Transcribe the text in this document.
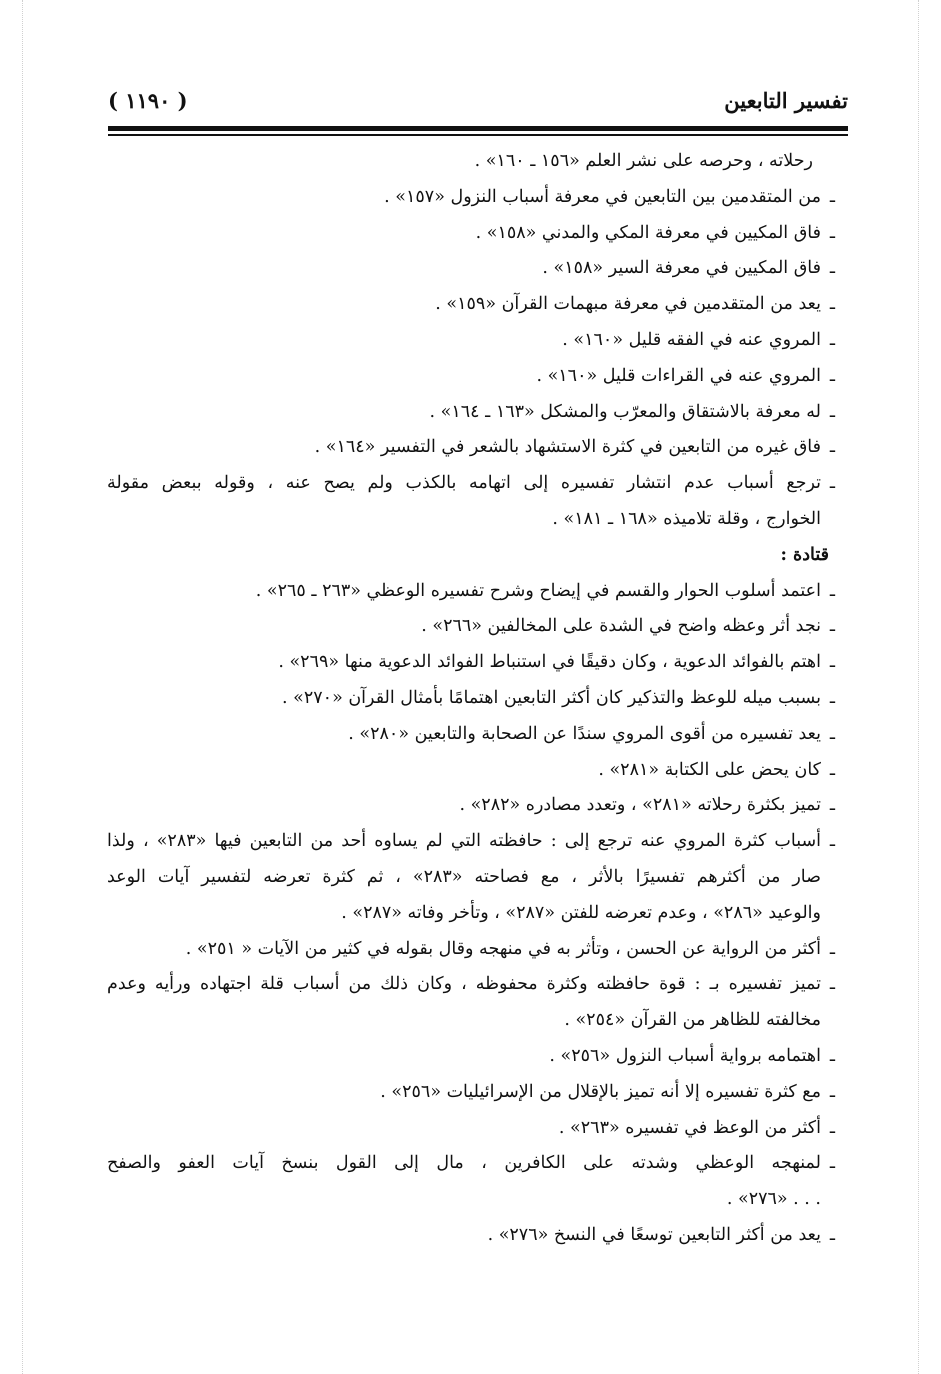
تفسير التابعين
( ١١٩٠ )
رحلاته ، وحرصه على نشر العلم «١٥٦ ـ ١٦٠» .
ـ
من المتقدمين بين التابعين في معرفة أسباب النزول «١٥٧» .
ـ
فاق المكيين في معرفة المكي والمدني «١٥٨» .
ـ
فاق المكيين في معرفة السير «١٥٨» .
ـ
يعد من المتقدمين في معرفة مبهمات القرآن «١٥٩» .
ـ
المروي عنه في الفقه قليل «١٦٠» .
ـ
المروي عنه في القراءات قليل «١٦٠» .
ـ
له معرفة بالاشتقاق والمعرّب والمشكل «١٦٣ ـ ١٦٤» .
ـ
فاق غيره من التابعين في كثرة الاستشهاد بالشعر في التفسير «١٦٤» .
ـ
ترجع أسباب عدم انتشار تفسيره إلى اتهامه بالكذب ولم يصح عنه ، وقوله ببعض مقولة
الخوارج ، وقلة تلاميذه «١٦٨ ـ ١٨١» .
قتادة :
ـ
اعتمد أسلوب الحوار والقسم في إيضاح وشرح تفسيره الوعظي «٢٦٣ ـ ٢٦٥» .
ـ
نجد أثر وعظه واضح في الشدة على المخالفين «٢٦٦» .
ـ
اهتم بالفوائد الدعوية ، وكان دقيقًا في استنباط الفوائد الدعوية منها «٢٦٩» .
ـ
بسبب ميله للوعظ والتذكير كان أكثر التابعين اهتمامًا بأمثال القرآن «٢٧٠» .
ـ
يعد تفسيره من أقوى المروي سندًا عن الصحابة والتابعين «٢٨٠» .
ـ
كان يحض على الكتابة «٢٨١» .
ـ
تميز بكثرة رحلاته «٢٨١» ، وتعدد مصادره «٢٨٢» .
ـ
أسباب كثرة المروي عنه ترجع إلى : حافظته التي لم يساوه أحد من التابعين فيها «٢٨٣» ، ولذا
صار من أكثرهم تفسيرًا بالأثر ، مع فصاحته «٢٨٣» ، ثم كثرة تعرضه لتفسير آيات الوعد
والوعيد «٢٨٦» ، وعدم تعرضه للفتن «٢٨٧» ، وتأخر وفاته «٢٨٧» .
ـ
أكثر من الرواية عن الحسن ، وتأثر به في منهجه وقال بقوله في كثير من الآيات « ٢٥١» .
ـ
تميز تفسيره بـ : قوة حافظته وكثرة محفوظه ، وكان ذلك من أسباب قلة اجتهاده ورأيه وعدم
مخالفته للظاهر من القرآن «٢٥٤» .
ـ
اهتمامه برواية أسباب النزول «٢٥٦» .
ـ
مع كثرة تفسيره إلا أنه تميز بالإقلال من الإسرائيليات «٢٥٦» .
ـ
أكثر من الوعظ في تفسيره «٢٦٣» .
ـ
لمنهجه الوعظي وشدته على الكافرين ، مال إلى القول بنسخ آيات العفو والصفح
. . . «٢٧٦» .
ـ
يعد من أكثر التابعين توسعًا في النسخ «٢٧٦» .
